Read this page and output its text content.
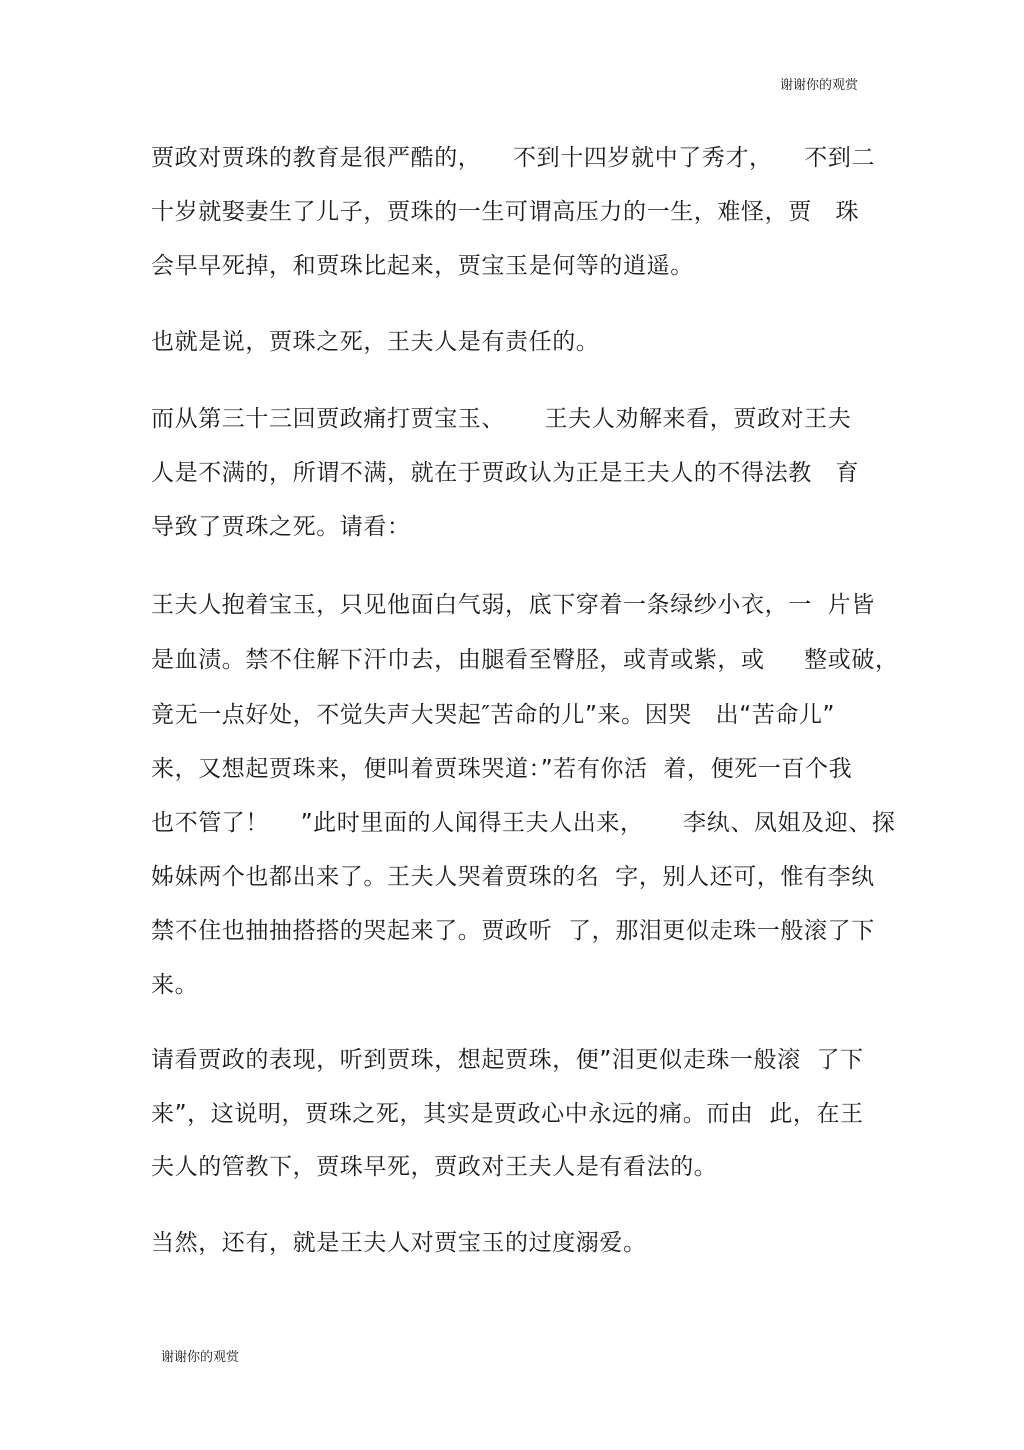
谢谢你的观赏
贾政对贾珠的教育是很严酷的，    不到十四岁就中了秀才，    不到二
十岁就娶妻生了儿子，贾珠的一生可谓高压力的一生，难怪，贾   珠
会早早死掉，和贾珠比起来，贾宝玉是何等的逍遥。
也就是说，贾珠之死，王夫人是有责任的。
而从第三十三回贾政痛打贾宝玉、     王夫人劝解来看，贾政对王夫
人是不满的，所谓不满，就在于贾政认为正是王夫人的不得法教   育
导致了贾珠之死。请看：
王夫人抱着宝玉，只见他面白气弱，底下穿着一条绿纱小衣，一  片皆
是血渍。禁不住解下汗巾去，由腿看至臀胫，或青或紫，或     整或破，
竟无一点好处，不觉失声大哭起″苦命的儿”来。因哭   出“苦命儿”
来，又想起贾珠来，便叫着贾珠哭道：”若有你活  着，便死一百个我
也不管了！    ”此时里面的人闻得王夫人出来，     李纨、凤姐及迎、探
姊妹两个也都出来了。王夫人哭着贾珠的名  字，别人还可，惟有李纨
禁不住也抽抽搭搭的哭起来了。贾政听  了，那泪更似走珠一般滚了下
来。
请看贾政的表现，听到贾珠，想起贾珠，便”泪更似走珠一般滚  了下
来”，这说明，贾珠之死，其实是贾政心中永远的痛。而由  此，在王
夫人的管教下，贾珠早死，贾政对王夫人是有看法的。
当然，还有，就是王夫人对贾宝玉的过度溺爱。
谢谢你的观赏
